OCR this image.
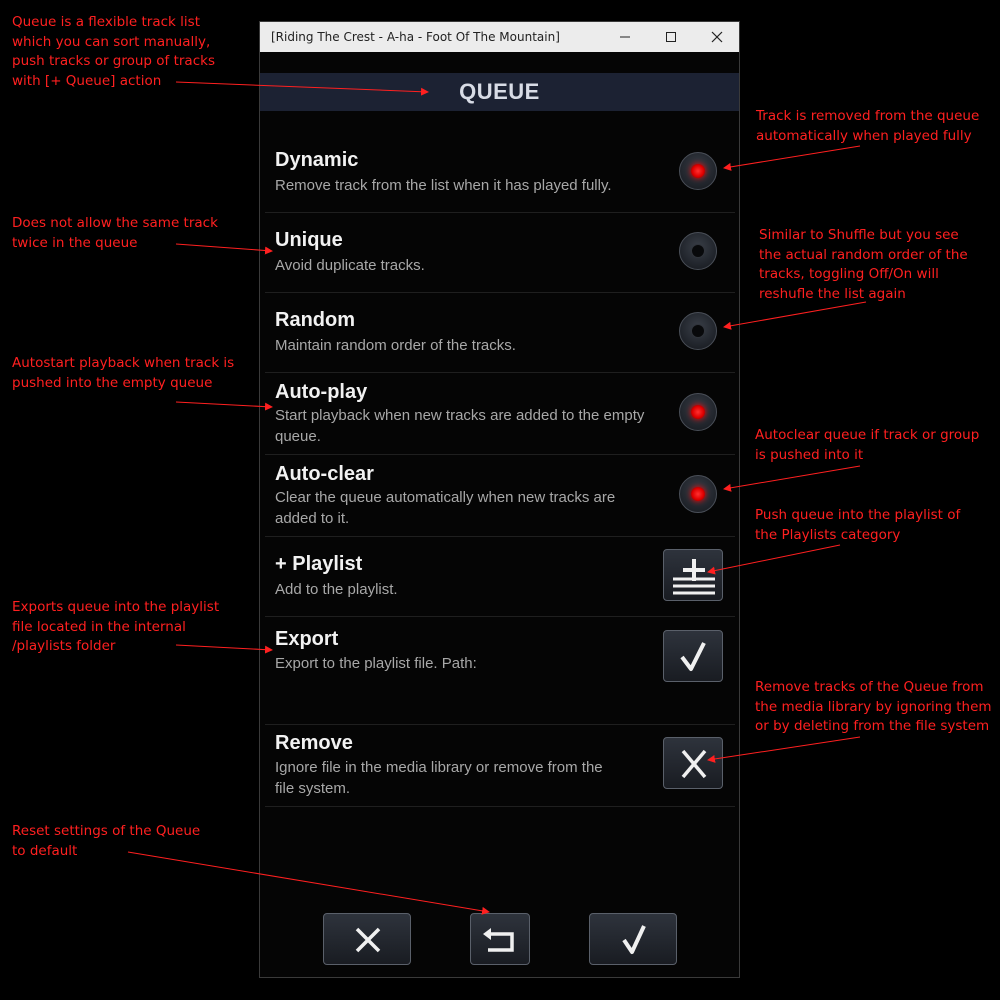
Queue is a flexible track list
which you can sort manually,
push tracks or group of tracks
with [+ Queue] action
Does not allow the same track
twice in the queue
Autostart playback when track is
pushed into the empty queue
Exports queue into the playlist
file located in the internal
/playlists folder
Reset settings of the Queue
to default
Track is removed from the queue
automatically when played fully
Similar to Shuffle but you see
the actual random order of the
tracks, toggling Off/On will
reshufle the list again
Autoclear queue if track or group
is pushed into it
Push queue into the playlist of
the Playlists category
Remove tracks of the Queue from
the media library by ignoring them
or by deleting from the file system
[Riding The Crest - A-ha - Foot Of The Mountain]
QUEUE
Dynamic
Remove track from the list when it has played fully.
Unique
Avoid duplicate tracks.
Random
Maintain random order of the tracks.
Auto-play
Start playback when new tracks are added to the empty queue.
Auto-clear
Clear the queue automatically when new tracks are added to it.
+ Playlist
Add to the playlist.
Export
Export to the playlist file. Path:
Remove
Ignore file in the media library or remove from the file system.
